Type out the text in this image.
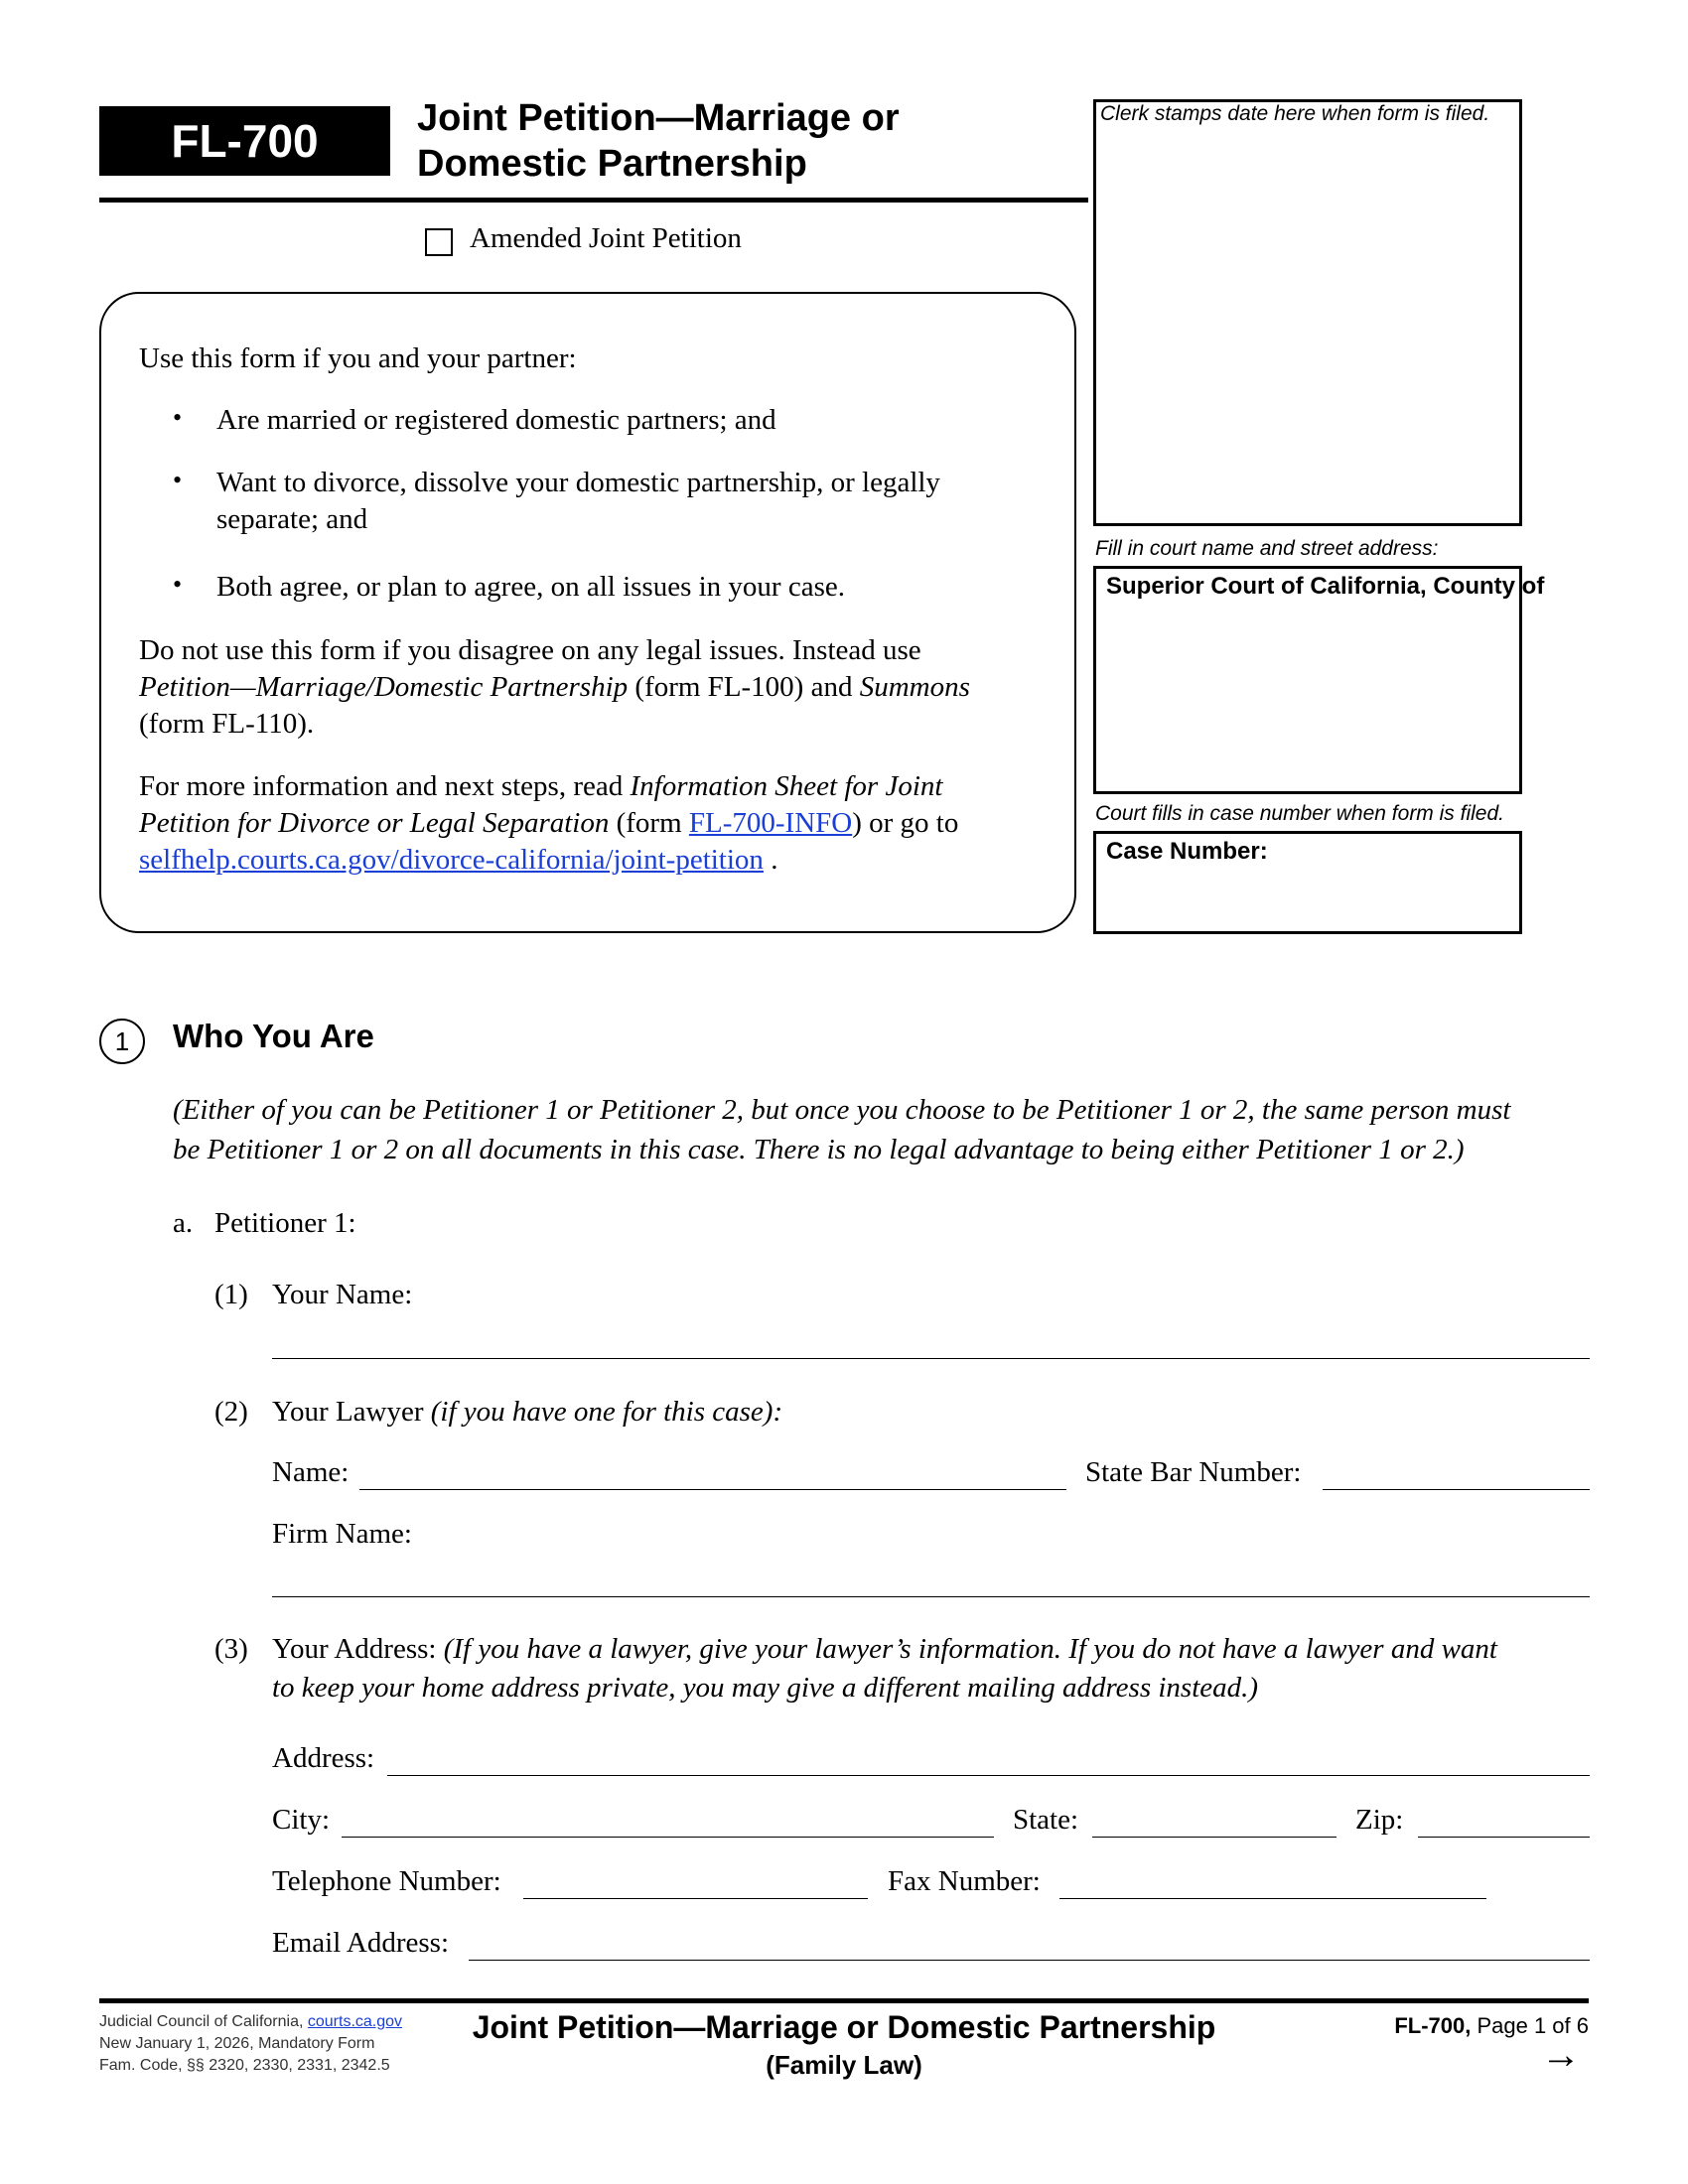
FL-700	Joint Petition—Marriage or
Domestic Partnership
Amended Joint Petition
Use this form if you and your partner:
• Are married or registered domestic partners; and
• Want to divorce, dissolve your domestic partnership, or legally
separate; and
• Both agree, or plan to agree, on all issues in your case.
Do not use this form if you disagree on any legal issues. Instead use
Petition—Marriage/Domestic Partnership (form FL-100) and Summons
(form FL-110).
For more information and next steps, read Information Sheet for Joint
Petition for Divorce or Legal Separation (form FL-700-INFO) or go to
selfhelp.courts.ca.gov/divorce-california/joint-petition .
Clerk stamps date here when form is filed.
Fill in court name and street address:
Superior Court of California, County of
Court fills in case number when form is filed.
Case Number:
1	Who You Are
(Either of you can be Petitioner 1 or Petitioner 2, but once you choose to be Petitioner 1 or 2, the same person must
be Petitioner 1 or 2 on all documents in this case. There is no legal advantage to being either Petitioner 1 or 2.)
a. Petitioner 1:
(1) Your Name:
(2) Your Lawyer (if you have one for this case):
Name:	State Bar Number:
Firm Name:
(3) Your Address: (If you have a lawyer, give your lawyer’s information. If you do not have a lawyer and want
to keep your home address private, you may give a different mailing address instead.)
Address:
City:	State:	Zip:
Telephone Number:	Fax Number:
Email Address:
Judicial Council of California, courts.ca.gov
New January 1, 2026, Mandatory Form
Fam. Code, §§ 2320, 2330, 2331, 2342.5
Joint Petition—Marriage or Domestic Partnership
(Family Law)
FL-700, Page 1 of 6
→
